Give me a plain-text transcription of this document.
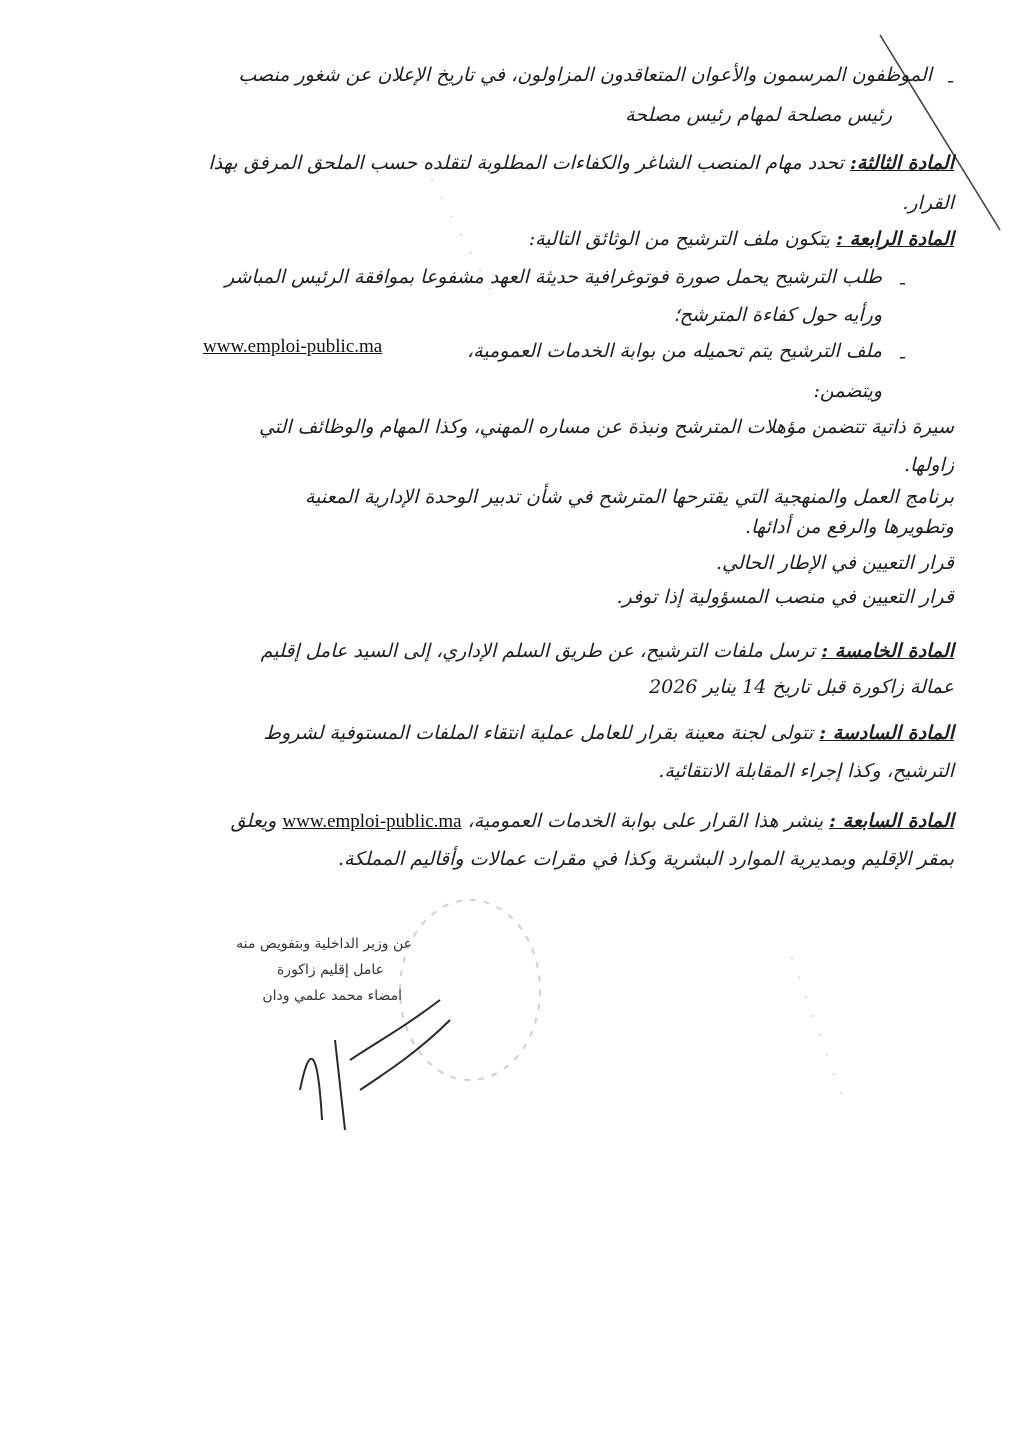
· · · · · · · ·
· · · · · · · ·
-
الموظفون المرسمون والأعوان المتعاقدون المزاولون، في تاريخ الإعلان عن شغور منصب
رئيس مصلحة لمهام رئيس مصلحة
المادة الثالثة: تحدد مهام المنصب الشاغر والكفاءات المطلوبة لتقلده حسب الملحق المرفق بهذا
القرار.
المادة الرابعة : يتكون ملف الترشيح من الوثائق التالية:
-
طلب الترشيح يحمل صورة فوتوغرافية حديثة العهد مشفوعا بموافقة الرئيس المباشر
ورأيه حول كفاءة المترشح؛
-
ملف الترشيح يتم تحميله من بوابة الخدمات العمومية،
www.emploi-public.ma
ويتضمن:
سيرة ذاتية تتضمن مؤهلات المترشح ونبذة عن مساره المهني، وكذا المهام والوظائف التي
زاولها.
برنامج العمل والمنهجية التي يقترحها المترشح في شأن تدبير الوحدة الإدارية المعنية
وتطويرها والرفع من أدائها.
قرار التعيين في الإطار الحالي.
قرار التعيين في منصب المسؤولية إذا توفر.
المادة الخامسة : ترسل ملفات الترشيح، عن طريق السلم الإداري، إلى السيد عامل إقليم
عمالة زاكورة قبل تاريخ 14 يناير 2026
المادة السادسة : تتولى لجنة معينة بقرار للعامل عملية انتقاء الملفات المستوفية لشروط
الترشيح، وكذا إجراء المقابلة الانتقائية.
المادة السابعة : ينشر هذا القرار على بوابة الخدمات العمومية، www.emploi-public.ma ويعلق
بمقر الإقليم وبمديرية الموارد البشرية وكذا في مقرات عمالات وأقاليم المملكة.
عن وزير الداخلية وبتفويض منه
عامل إقليم زاكورة
امضاء محمد علمي ودان
